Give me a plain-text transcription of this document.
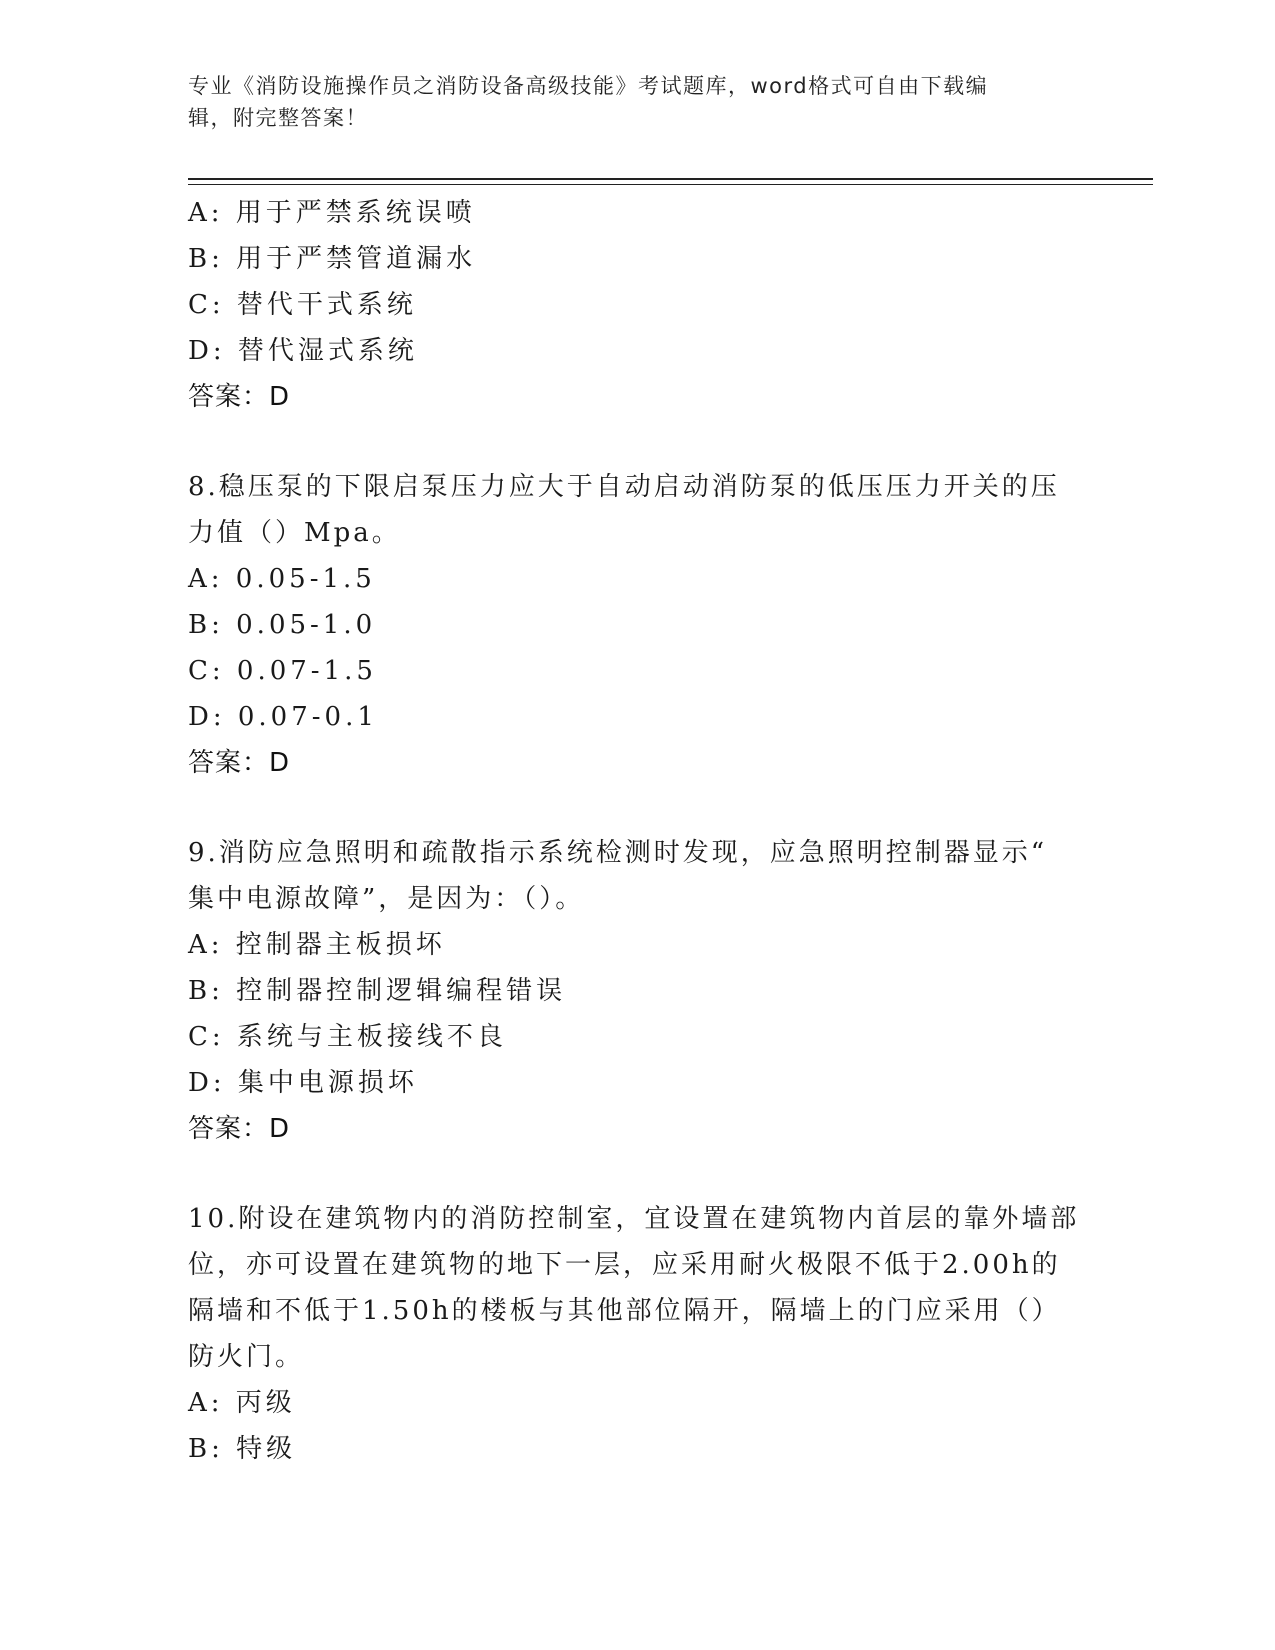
专业《消防设施操作员之消防设备高级技能》考试题库，word格式可自由下载编
辑，附完整答案！
A: 用于严禁系统误喷
B: 用于严禁管道漏水
C: 替代干式系统
D: 替代湿式系统
答案：D
8.稳压泵的下限启泵压力应大于自动启动消防泵的低压压力开关的压
力值（）Mpa。
A: 0.05-1.5
B: 0.05-1.0
C: 0.07-1.5
D: 0.07-0.1
答案：D
9.消防应急照明和疏散指示系统检测时发现，应急照明控制器显示“
集中电源故障”，是因为：（）。
A: 控制器主板损坏
B: 控制器控制逻辑编程错误
C: 系统与主板接线不良
D: 集中电源损坏
答案：D
10.附设在建筑物内的消防控制室，宜设置在建筑物内首层的靠外墙部
位，亦可设置在建筑物的地下一层，应采用耐火极限不低于2.00h的
隔墙和不低于1.50h的楼板与其他部位隔开，隔墙上的门应采用（）
防火门。
A: 丙级
B: 特级
